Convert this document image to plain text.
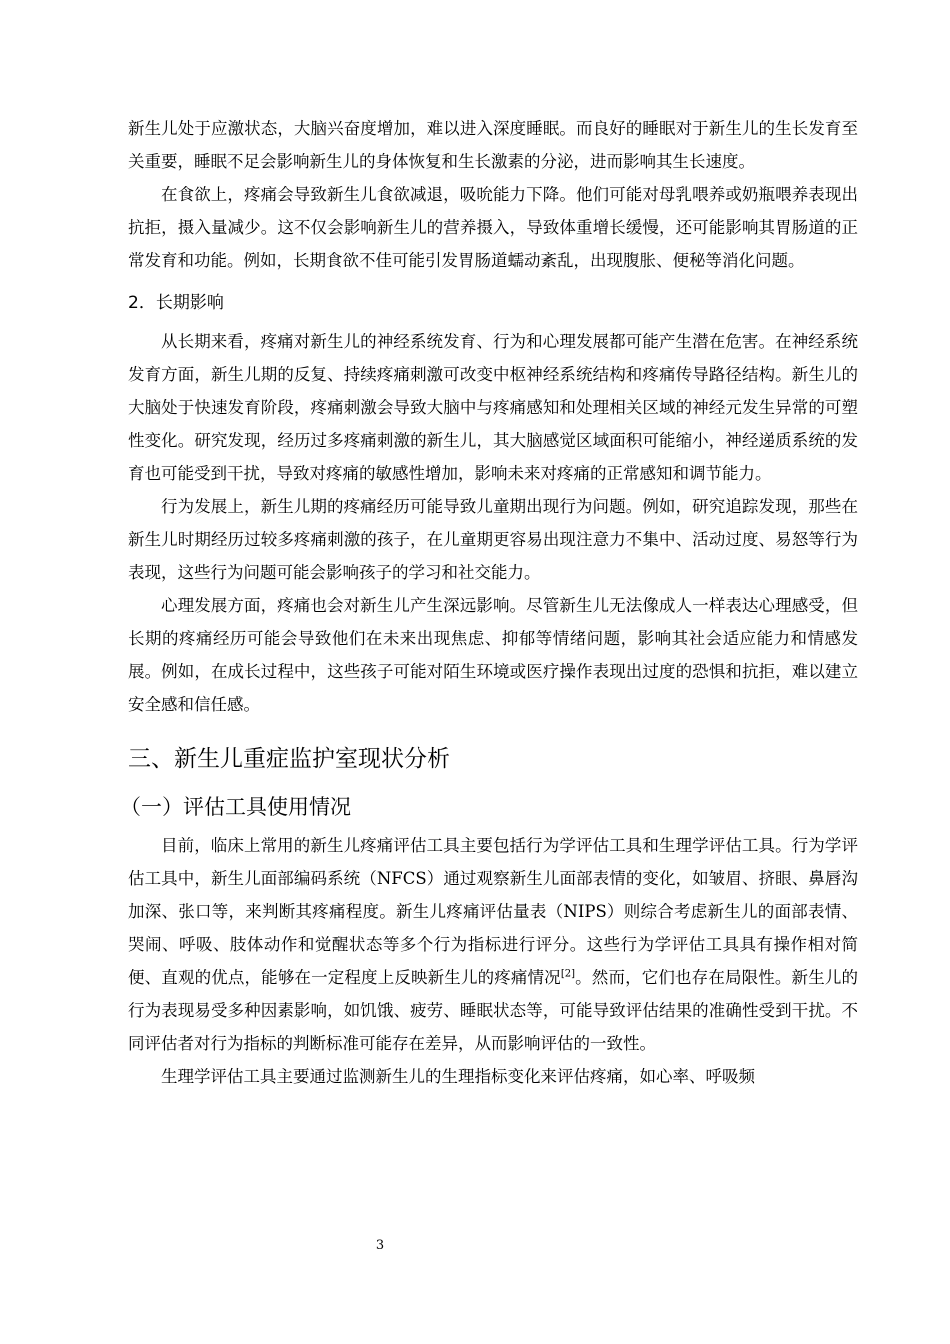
新生儿处于应激状态，大脑兴奋度增加，难以进入深度睡眠。而良好的睡眠对于新生儿的生长发育至关重要，睡眠不足会影响新生儿的身体恢复和生长激素的分泌，进而影响其生长速度。

在食欲上，疼痛会导致新生儿食欲减退，吸吮能力下降。他们可能对母乳喂养或奶瓶喂养表现出抗拒，摄入量减少。这不仅会影响新生儿的营养摄入，导致体重增长缓慢，还可能影响其胃肠道的正常发育和功能。例如，长期食欲不佳可能引发胃肠道蠕动紊乱，出现腹胀、便秘等消化问题。

2．长期影响

从长期来看，疼痛对新生儿的神经系统发育、行为和心理发展都可能产生潜在危害。在神经系统发育方面，新生儿期的反复、持续疼痛刺激可改变中枢神经系统结构和疼痛传导路径结构。新生儿的大脑处于快速发育阶段，疼痛刺激会导致大脑中与疼痛感知和处理相关区域的神经元发生异常的可塑性变化。研究发现，经历过多疼痛刺激的新生儿，其大脑感觉区域面积可能缩小，神经递质系统的发育也可能受到干扰，导致对疼痛的敏感性增加，影响未来对疼痛的正常感知和调节能力。

行为发展上，新生儿期的疼痛经历可能导致儿童期出现行为问题。例如，研究追踪发现，那些在新生儿时期经历过较多疼痛刺激的孩子，在儿童期更容易出现注意力不集中、活动过度、易怒等行为表现，这些行为问题可能会影响孩子的学习和社交能力。

心理发展方面，疼痛也会对新生儿产生深远影响。尽管新生儿无法像成人一样表达心理感受，但长期的疼痛经历可能会导致他们在未来出现焦虑、抑郁等情绪问题，影响其社会适应能力和情感发展。例如，在成长过程中，这些孩子可能对陌生环境或医疗操作表现出过度的恐惧和抗拒，难以建立安全感和信任感。

三、新生儿重症监护室现状分析
（一）评估工具使用情况

目前，临床上常用的新生儿疼痛评估工具主要包括行为学评估工具和生理学评估工具。行为学评估工具中，新生儿面部编码系统（NFCS）通过观察新生儿面部表情的变化，如皱眉、挤眼、鼻唇沟加深、张口等，来判断其疼痛程度。新生儿疼痛评估量表（NIPS）则综合考虑新生儿的面部表情、哭闹、呼吸、肢体动作和觉醒状态等多个行为指标进行评分。这些行为学评估工具具有操作相对简便、直观的优点，能够在一定程度上反映新生儿的疼痛情况[2]。然而，它们也存在局限性。新生儿的行为表现易受多种因素影响，如饥饿、疲劳、睡眠状态等，可能导致评估结果的准确性受到干扰。不同评估者对行为指标的判断标准可能存在差异，从而影响评估的一致性。

生理学评估工具主要通过监测新生儿的生理指标变化来评估疼痛，如心率、呼吸频

3
